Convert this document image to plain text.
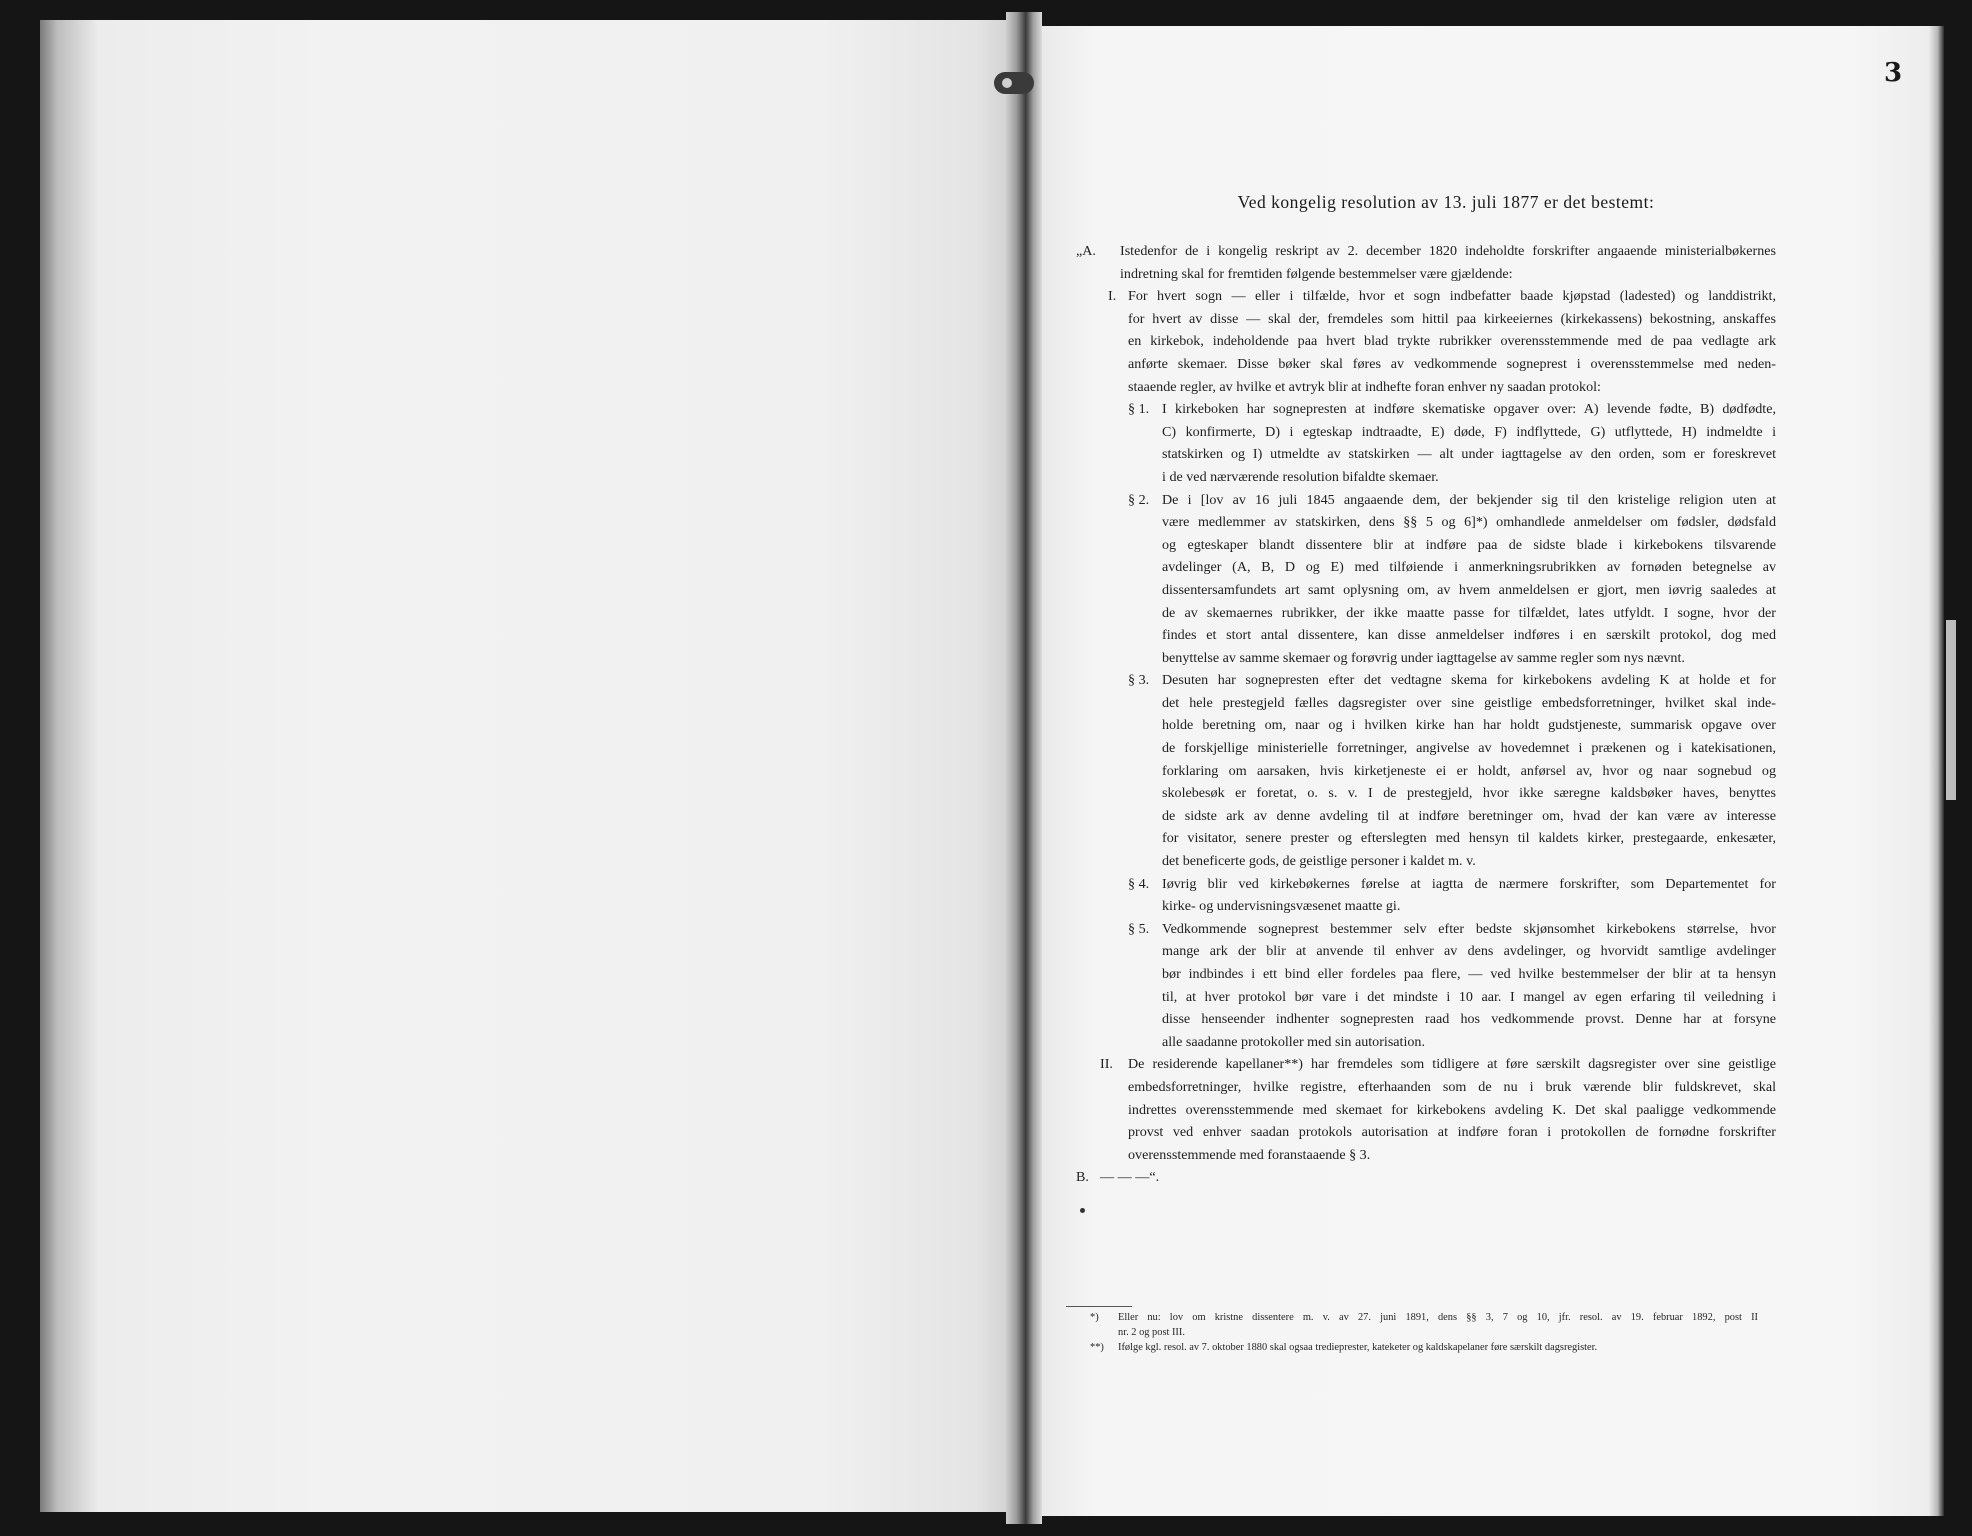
3
Ved kongelig resolution av 13. juli 1877 er det bestemt:
„A. Istedenfor de i kongelig reskript av 2. december 1820 indeholdte forskrifter angaaende ministerialbøkernes
indretning skal for fremtiden følgende bestemmelser være gjældende:
I. For hvert sogn — eller i tilfælde, hvor et sogn indbefatter baade kjøpstad (ladested) og landdistrikt,
for hvert av disse — skal der, fremdeles som hittil paa kirkeeiernes (kirkekassens) bekostning, anskaffes
en kirkebok, indeholdende paa hvert blad trykte rubrikker overensstemmende med de paa vedlagte ark
anførte skemaer. Disse bøker skal føres av vedkommende sogneprest i overensstemmelse med neden-
staaende regler, av hvilke et avtryk blir at indhefte foran enhver ny saadan protokol:
§ 1. I kirkeboken har sognepresten at indføre skematiske opgaver over: A) levende fødte, B) dødfødte,
C) konfirmerte, D) i egteskap indtraadte, E) døde, F) indflyttede, G) utflyttede, H) indmeldte i
statskirken og I) utmeldte av statskirken — alt under iagttagelse av den orden, som er foreskrevet
i de ved nærværende resolution bifaldte skemaer.
§ 2. De i [lov av 16 juli 1845 angaaende dem, der bekjender sig til den kristelige religion uten at
være medlemmer av statskirken, dens §§ 5 og 6]*) omhandlede anmeldelser om fødsler, dødsfald
og egteskaper blandt dissentere blir at indføre paa de sidste blade i kirkebokens tilsvarende
avdelinger (A, B, D og E) med tilføiende i anmerkningsrubrikken av fornøden betegnelse av
dissentersamfundets art samt oplysning om, av hvem anmeldelsen er gjort, men iøvrig saaledes at
de av skemaernes rubrikker, der ikke maatte passe for tilfældet, lates utfyldt. I sogne, hvor der
findes et stort antal dissentere, kan disse anmeldelser indføres i en særskilt protokol, dog med
benyttelse av samme skemaer og forøvrig under iagttagelse av samme regler som nys nævnt.
§ 3. Desuten har sognepresten efter det vedtagne skema for kirkebokens avdeling K at holde et for
det hele prestegjeld fælles dagsregister over sine geistlige embedsforretninger, hvilket skal inde-
holde beretning om, naar og i hvilken kirke han har holdt gudstjeneste, summarisk opgave over
de forskjellige ministerielle forretninger, angivelse av hovedemnet i prækenen og i katekisationen,
forklaring om aarsaken, hvis kirketjeneste ei er holdt, anførsel av, hvor og naar sognebud og
skolebesøk er foretat, o. s. v. I de prestegjeld, hvor ikke særegne kaldsbøker haves, benyttes
de sidste ark av denne avdeling til at indføre beretninger om, hvad der kan være av interesse
for visitator, senere prester og efterslegten med hensyn til kaldets kirker, prestegaarde, enkesæter,
det beneficerte gods, de geistlige personer i kaldet m. v.
§ 4. Iøvrig blir ved kirkebøkernes førelse at iagtta de nærmere forskrifter, som Departementet for
kirke- og undervisningsvæsenet maatte gi.
§ 5. Vedkommende sogneprest bestemmer selv efter bedste skjønsomhet kirkebokens størrelse, hvor
mange ark der blir at anvende til enhver av dens avdelinger, og hvorvidt samtlige avdelinger
bør indbindes i ett bind eller fordeles paa flere, — ved hvilke bestemmelser der blir at ta hensyn
til, at hver protokol bør vare i det mindste i 10 aar. I mangel av egen erfaring til veiledning i
disse henseender indhenter sognepresten raad hos vedkommende provst. Denne har at forsyne
alle saadanne protokoller med sin autorisation.
II. De residerende kapellaner**) har fremdeles som tidligere at føre særskilt dagsregister over sine geistlige
embedsforretninger, hvilke registre, efterhaanden som de nu i bruk værende blir fuldskrevet, skal
indrettes overensstemmende med skemaet for kirkebokens avdeling K. Det skal paaligge vedkommende
provst ved enhver saadan protokols autorisation at indføre foran i protokollen de fornødne forskrifter
overensstemmende med foranstaaende § 3.
B. — — —“.
*) Eller nu: lov om kristne dissentere m. v. av 27. juni 1891, dens §§ 3, 7 og 10, jfr. resol. av 19. februar 1892, post II
nr. 2 og post III.
**) Ifølge kgl. resol. av 7. oktober 1880 skal ogsaa tredieprester, kateketer og kaldskapelaner føre særskilt dagsregister.
